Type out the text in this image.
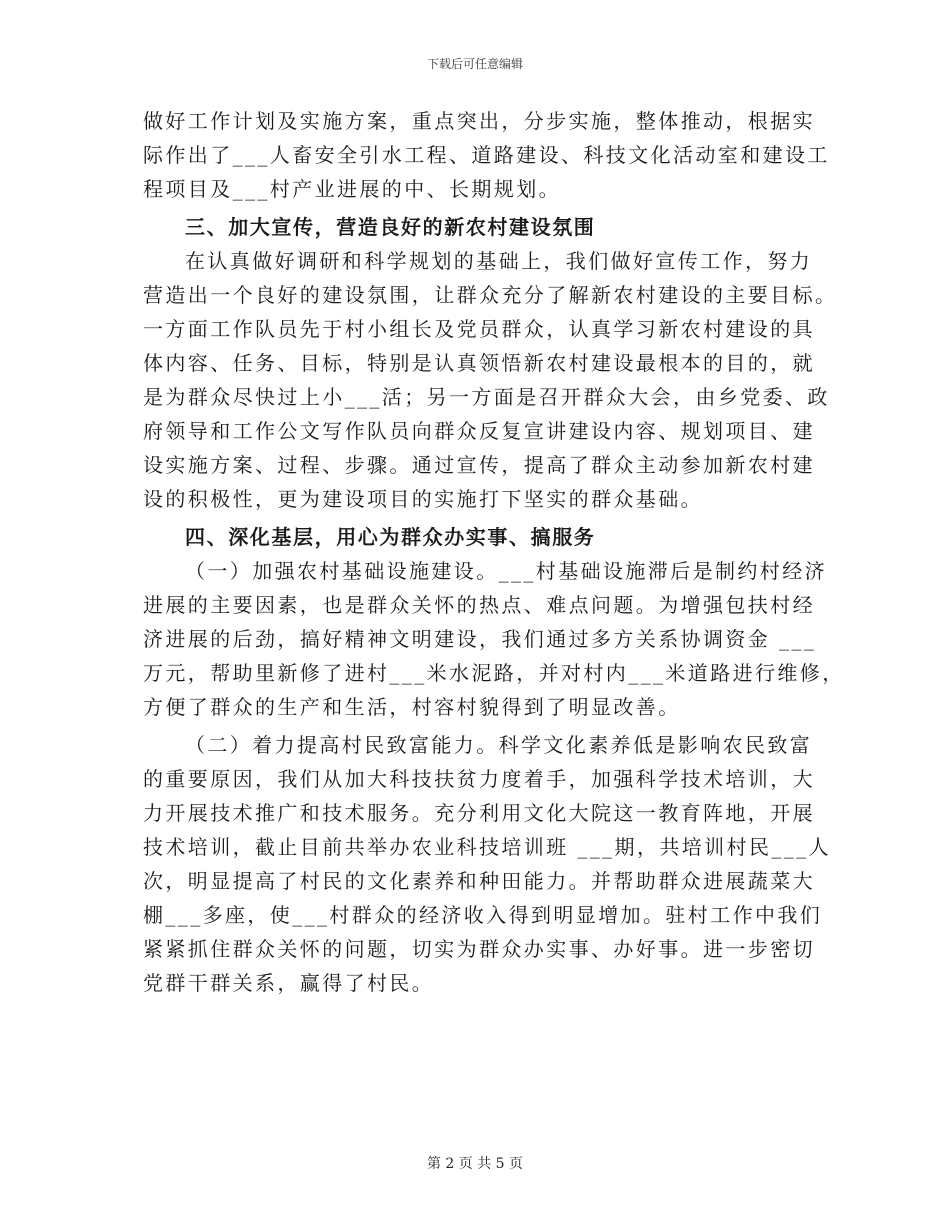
下载后可任意编辑
做好工作计划及实施方案，重点突出，分步实施，整体推动，根据实
际作出了___人畜安全引水工程、道路建设、科技文化活动室和建设工
程项目及___村产业进展的中、长期规划。
三、加大宣传，营造良好的新农村建设氛围
在认真做好调研和科学规划的基础上，我们做好宣传工作，努力
营造出一个良好的建设氛围，让群众充分了解新农村建设的主要目标。
一方面工作队员先于村小组长及党员群众，认真学习新农村建设的具
体内容、任务、目标，特别是认真领悟新农村建设最根本的目的，就
是为群众尽快过上小___活；另一方面是召开群众大会，由乡党委、政
府领导和工作公文写作队员向群众反复宣讲建设内容、规划项目、建
设实施方案、过程、步骤。通过宣传，提高了群众主动参加新农村建
设的积极性，更为建设项目的实施打下坚实的群众基础。
四、深化基层，用心为群众办实事、搞服务
（一）加强农村基础设施建设。___村基础设施滞后是制约村经济
进展的主要因素，也是群众关怀的热点、难点问题。为增强包扶村经
济进展的后劲，搞好精神文明建设，我们通过多方关系协调资金 ___
万元，帮助里新修了进村___米水泥路，并对村内___米道路进行维修，
方便了群众的生产和生活，村容村貌得到了明显改善。
（二）着力提高村民致富能力。科学文化素养低是影响农民致富
的重要原因，我们从加大科技扶贫力度着手，加强科学技术培训，大
力开展技术推广和技术服务。充分利用文化大院这一教育阵地，开展
技术培训，截止目前共举办农业科技培训班 ___期，共培训村民___人
次，明显提高了村民的文化素养和种田能力。并帮助群众进展蔬菜大
棚___多座，使___村群众的经济收入得到明显增加。驻村工作中我们
紧紧抓住群众关怀的问题，切实为群众办实事、办好事。进一步密切
党群干群关系，赢得了村民。
第 2 页 共 5 页
